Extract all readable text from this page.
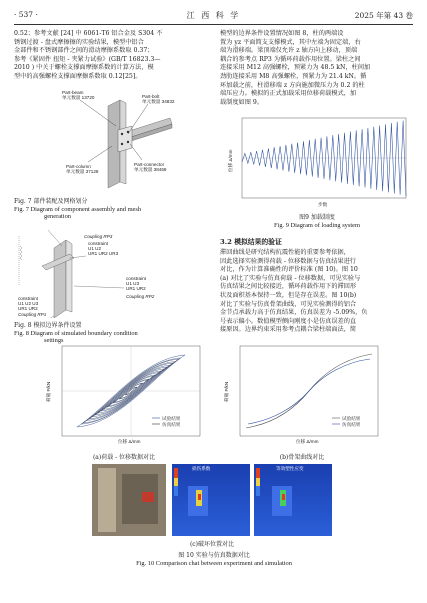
· 537 ·	江 西 科 学	2025 年第 43 卷
0.52；参考文献 [24] 中 6061-T6 铝合金及 S304 不
锈钢过渡 - 盘式摩擦擦的实验结果，模型中铝合
金部件和不锈钢部件之间的滑动摩擦系数取 0.37；
参考《紧固件 扭矩 - 夹紧力试验》(GB/T 16823.3—
2010 ) 中关于螺栓支撑面摩擦系数的计算方法，模
型中的高强螺栓支撑面摩擦系数取 0.12[25]。
Part-beam
单元数量 13720	Part-bolt
单元数量 34832
Part-column
单元数量 37128
Part-connector
单元数量 38468
Fig. 7 部件装配及网格划分
Fig. 7 Diagram of component assembly and mesh
generation
Coupling RP3
constraint
U1 U2
UR1 UR2 UR3
constraint
U1 U3
UR1 UR2
Coupling RP2
constraint
U1 U2 U3
UR1 UR2
Coupling RP1
Fig. 8 模拟边界条件设置
Fig. 8 Diagram of simulated boundary condition
settings
模型的边界条件设置情况如图 8，柱的两端设
置为 yz 平面简支支撑模式，其中左端为固定端，右
端为滑移端。梁顶端仅允许 z 轴方向上移动，顶端
耦合的参考点 RP3 为循环荷载作用位置。梁柱之间
连接采用 M12 高强螺栓，预紧力为 48.5 kN，柱间加
劲肋连接采用 M8 高强螺栓，预紧力为 21.4 kN。循
环加载之前，柱滑移端 z 方向施加微压力为 0.2 的柱
端压应力。模拟的正式加载采用位移荷载模式，加
载制度如图 9。
位移 Δ/mm
步数
图9 加载制度
Fig. 9 Diagram of loading system
3.2 模拟结果的验证
滞回曲线是研究结构抗震性能的重要参考依据，
因此选择实验测得荷载 - 位移数据与仿真结果进行
对比，作为计算准确性的评价标准 (图 10)。图 10
(a) 对比了实验与仿真荷载 - 位移数据，可见实验与
仿真结果之间比较接近，循环荷载作用下的滞回形
状及面积基本保持一致，但是存在误差。图 10(b)
对比了实验与仿真骨架曲线，可见实验测得的铝合
金节点承载力高于仿真结果，仿真误差为 -5.09%，负
号表示偏小。数值模型侧向刚度小是仿真误差的直
接原因。边界约束采用参考点耦合梁柱端面法，简
试验结果
仿真结果
位移 Δ/mm
荷载 F/kN
(a)荷载 - 位移数据对比
试验结果
仿真结果
位移 Δ/mm
荷载 F/kN
(b)骨架曲线对比
损伤系数	等效塑性应变
(c)破坏位置对比
图 10 实验与仿真数据对比
Fig. 10 Comparison chat between experiment and simulation
